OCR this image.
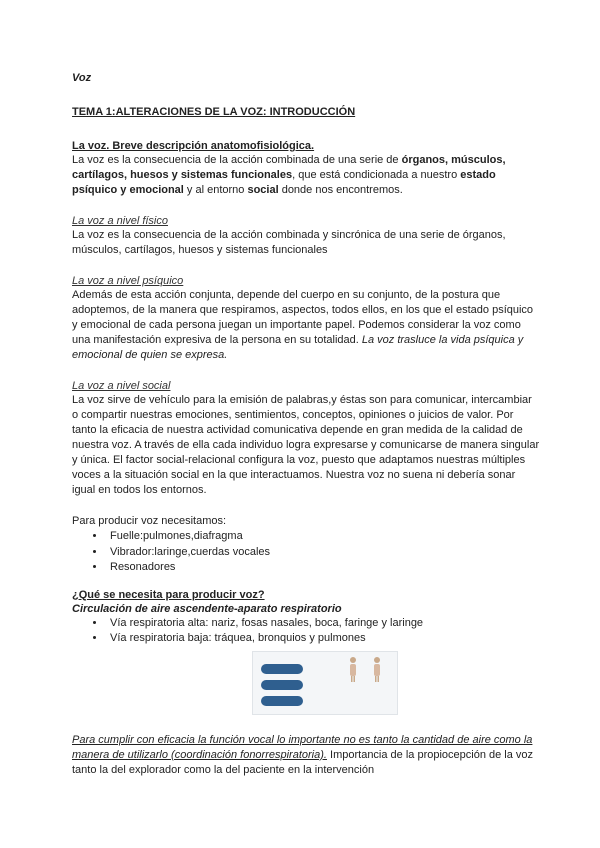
Voz
TEMA 1:ALTERACIONES DE LA VOZ: INTRODUCCIÓN
La voz. Breve descripción anatomofisiológica.

La voz es la consecuencia de la acción combinada de una serie de órganos, músculos, cartílagos, huesos y sistemas funcionales, que está condicionada a nuestro estado psíquico y emocional y al entorno social donde nos encontremos.

La voz a nivel físico

La voz es la consecuencia de la acción combinada y sincrónica de una serie de órganos, músculos, cartílagos, huesos y sistemas funcionales

La voz a nivel psíquico

Además de esta acción conjunta, depende del cuerpo en su conjunto, de la postura que adoptemos, de la manera que respiramos, aspectos, todos ellos, en los que el estado psíquico y emocional de cada persona juegan un importante papel. Podemos considerar la voz como una manifestación expresiva de la persona en su totalidad. La voz trasluce la vida psíquica y emocional de quien se expresa.

La voz a nivel social

La voz sirve de vehículo para la emisión de palabras,y éstas son para comunicar, intercambiar o compartir nuestras emociones, sentimientos, conceptos, opiniones o juicios de valor. Por tanto la eficacia de nuestra actividad comunicativa depende en gran medida de la calidad de nuestra voz. A través de ella cada individuo logra expresarse y comunicarse de manera singular y única. El factor social-relacional configura la voz, puesto que adaptamos nuestras múltiples voces a la situación social en la que interactuamos. Nuestra voz no suena ni debería sonar igual en todos los entornos.

Para producir voz necesitamos:

• Fuelle:pulmones,diafragma
• Vibrador:laringe,cuerdas vocales
• Resonadores
¿Qué se necesita para producir voz?
Circulación de aire ascendente-aparato respiratorio
• Vía respiratoria alta: nariz, fosas nasales, boca, faringe y laringe
• Vía respiratoria baja: tráquea, bronquios y pulmones

Para cumplir con eficacia la función vocal lo importante no es tanto la cantidad de aire como la manera de utilizarlo (coordinación fonorrespiratoria). Importancia de la propiocepción de la voz tanto la del explorador como la del paciente en la intervención
